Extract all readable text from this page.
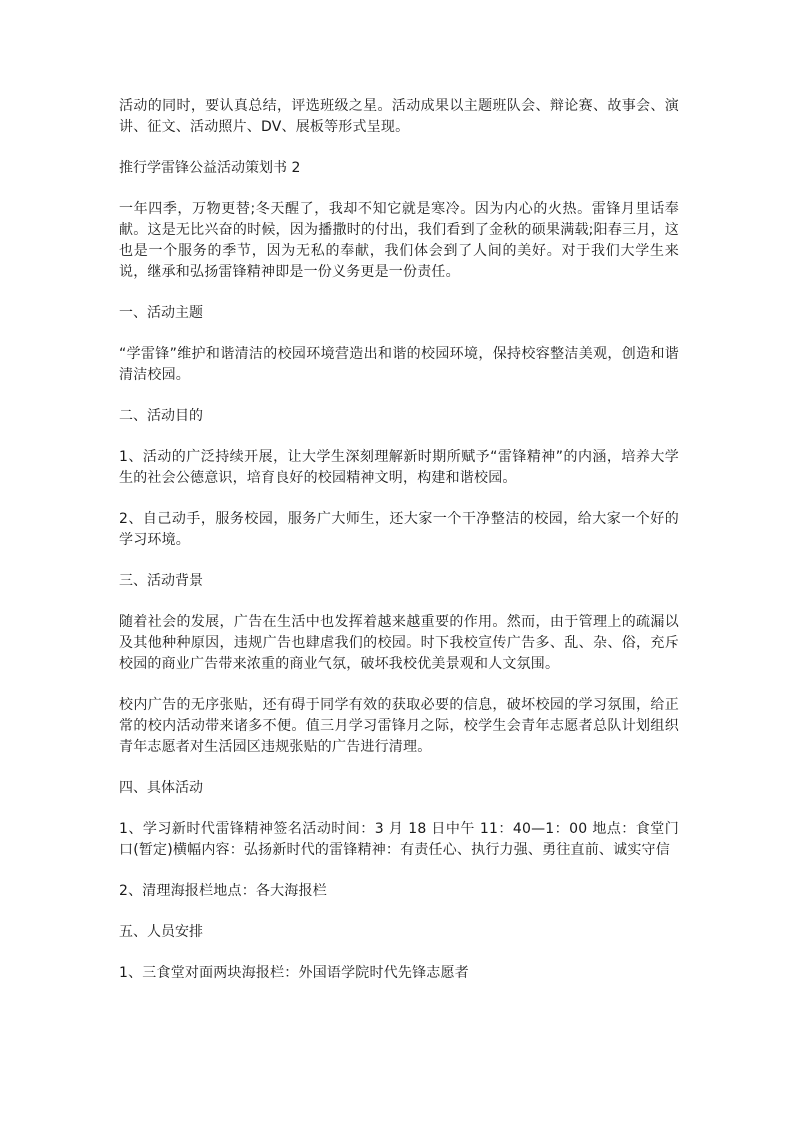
活动的同时，要认真总结，评选班级之星。活动成果以主题班队会、辩论赛、故事会、演讲、征文、活动照片、DV、展板等形式呈现。

推行学雷锋公益活动策划书 2

一年四季，万物更替;冬天醒了，我却不知它就是寒冷。因为内心的火热。雷锋月里话奉献。这是无比兴奋的时候，因为播撒时的付出，我们看到了金秋的硕果满载;阳春三月，这也是一个服务的季节，因为无私的奉献，我们体会到了人间的美好。对于我们大学生来说，继承和弘扬雷锋精神即是一份义务更是一份责任。

一、活动主题

“学雷锋”维护和谐清洁的校园环境营造出和谐的校园环境，保持校容整洁美观，创造和谐清洁校园。

二、活动目的

1、活动的广泛持续开展，让大学生深刻理解新时期所赋予“雷锋精神”的内涵，培养大学生的社会公德意识，培育良好的校园精神文明，构建和谐校园。

2、自己动手，服务校园，服务广大师生，还大家一个干净整洁的校园，给大家一个好的学习环境。

三、活动背景

随着社会的发展，广告在生活中也发挥着越来越重要的作用。然而，由于管理上的疏漏以及其他种种原因，违规广告也肆虐我们的校园。时下我校宣传广告多、乱、杂、俗，充斥校园的商业广告带来浓重的商业气氛，破坏我校优美景观和人文氛围。

校内广告的无序张贴，还有碍于同学有效的获取必要的信息，破坏校园的学习氛围，给正常的校内活动带来诸多不便。值三月学习雷锋月之际，校学生会青年志愿者总队计划组织青年志愿者对生活园区违规张贴的广告进行清理。

四、具体活动

1、学习新时代雷锋精神签名活动时间：3 月 18 日中午 11：40—1：00 地点：食堂门口(暂定)横幅内容：弘扬新时代的雷锋精神：有责任心、执行力强、勇往直前、诚实守信

2、清理海报栏地点：各大海报栏

五、人员安排

1、三食堂对面两块海报栏：外国语学院时代先锋志愿者
